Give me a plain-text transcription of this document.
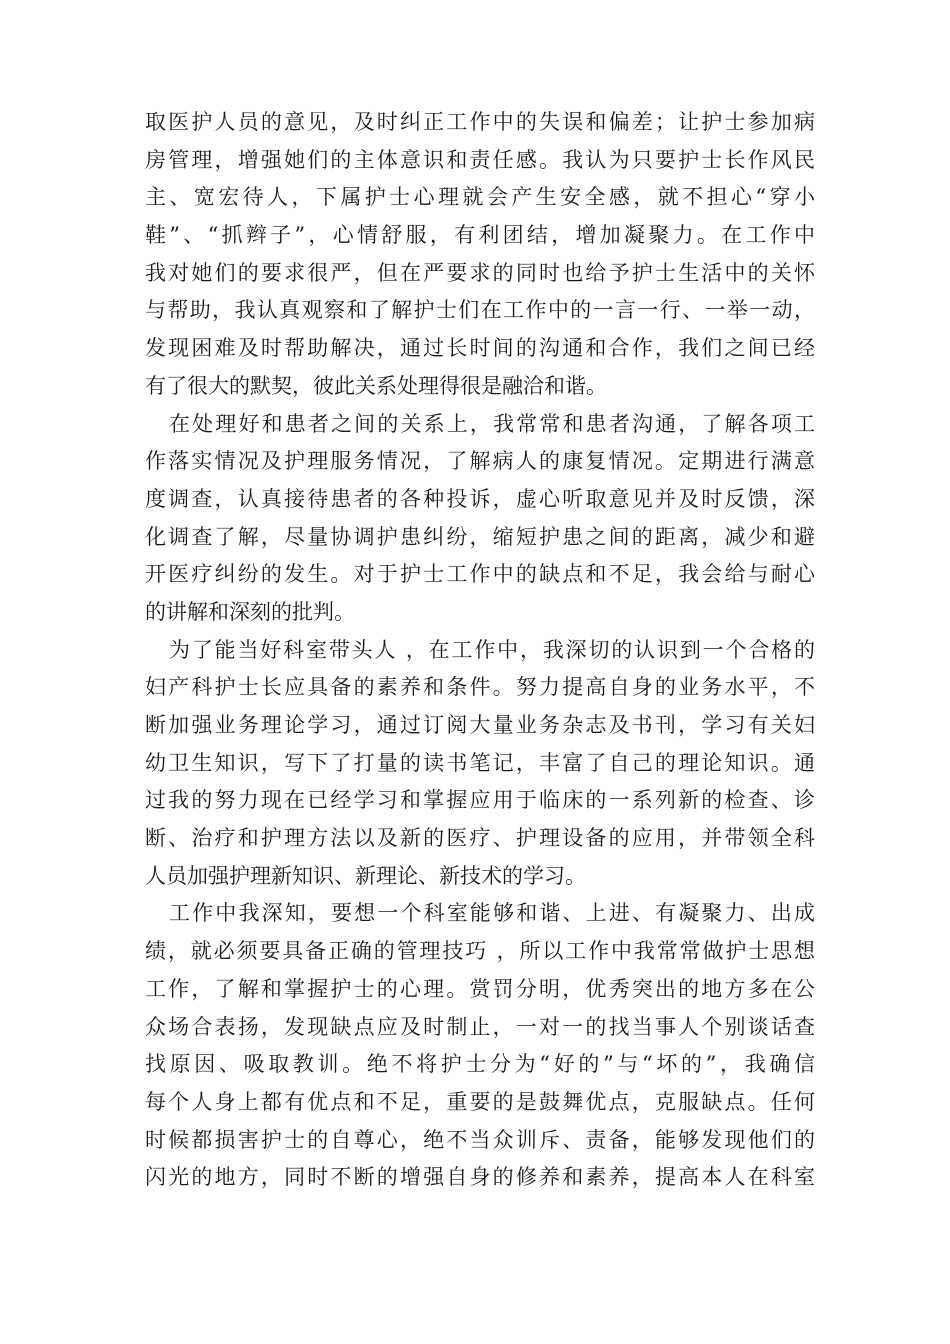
取医护人员的意见，及时纠正工作中的失误和偏差；让护士参加病
房管理，增强她们的主体意识和责任感。我认为只要护士长作风民
主、宽宏待人，下属护士心理就会产生安全感，就不担心“穿小
鞋”、“抓辫子”，心情舒服，有利团结，增加凝聚力。在工作中
我对她们的要求很严，但在严要求的同时也给予护士生活中的关怀
与帮助，我认真观察和了解护士们在工作中的一言一行、一举一动，
发现困难及时帮助解决，通过长时间的沟通和合作，我们之间已经
有了很大的默契，彼此关系处理得很是融洽和谐。
在处理好和患者之间的关系上，我常常和患者沟通，了解各项工
作落实情况及护理服务情况，了解病人的康复情况。定期进行满意
度调查，认真接待患者的各种投诉，虚心听取意见并及时反馈，深
化调查了解，尽量协调护患纠纷，缩短护患之间的距离，减少和避
开医疗纠纷的发生。对于护士工作中的缺点和不足，我会给与耐心
的讲解和深刻的批判。
为了能当好科室带头人 ，在工作中，我深切的认识到一个合格的
妇产科护士长应具备的素养和条件。努力提高自身的业务水平，不
断加强业务理论学习，通过订阅大量业务杂志及书刊，学习有关妇
幼卫生知识，写下了打量的读书笔记，丰富了自己的理论知识。通
过我的努力现在已经学习和掌握应用于临床的一系列新的检查、诊
断、治疗和护理方法以及新的医疗、护理设备的应用，并带领全科
人员加强护理新知识、新理论、新技术的学习。
工作中我深知，要想一个科室能够和谐、上进、有凝聚力、出成
绩，就必须要具备正确的管理技巧 ，所以工作中我常常做护士思想
工作，了解和掌握护士的心理。赏罚分明，优秀突出的地方多在公
众场合表扬，发现缺点应及时制止，一对一的找当事人个别谈话查
找原因、吸取教训。绝不将护士分为“好的”与“坏的”，我确信
每个人身上都有优点和不足，重要的是鼓舞优点，克服缺点。任何
时候都损害护士的自尊心，绝不当众训斥、责备，能够发现他们的
闪光的地方，同时不断的增强自身的修养和素养，提高本人在科室
